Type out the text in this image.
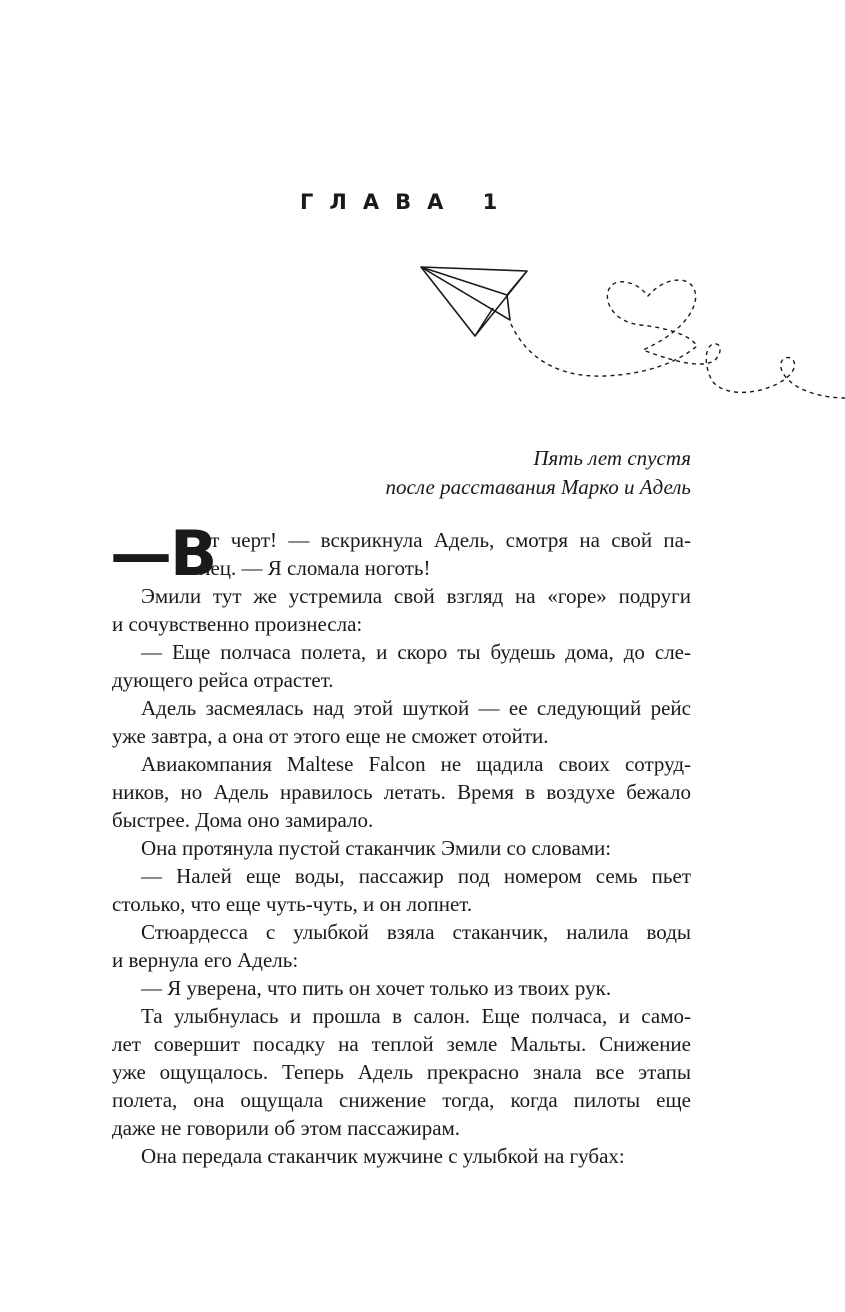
ГЛАВА 1
Пять лет спустя
после расставания Марко и Адель
—В
от черт! — вскрикнула Адель, смотря на свой па-
лец. — Я сломала ноготь!
Эмили тут же устремила свой взгляд на «горе» подруги
и сочувственно произнесла:
— Еще полчаса полета, и скоро ты будешь дома, до сле-
дующего рейса отрастет.
Адель засмеялась над этой шуткой — ее следующий рейс
уже завтра, а она от этого еще не сможет отойти.
Авиакомпания Maltese Falcon не щадила своих сотруд-
ников, но Адель нравилось летать. Время в воздухе бежало
быстрее. Дома оно замирало.
Она протянула пустой стаканчик Эмили со словами:
— Налей еще воды, пассажир под номером семь пьет
столько, что еще чуть-чуть, и он лопнет.
Стюардесса с улыбкой взяла стаканчик, налила воды
и вернула его Адель:
— Я уверена, что пить он хочет только из твоих рук.
Та улыбнулась и прошла в салон. Еще полчаса, и само-
лет совершит посадку на теплой земле Мальты. Снижение
уже ощущалось. Теперь Адель прекрасно знала все этапы
полета, она ощущала снижение тогда, когда пилоты еще
даже не говорили об этом пассажирам.
Она передала стаканчик мужчине с улыбкой на губах:
